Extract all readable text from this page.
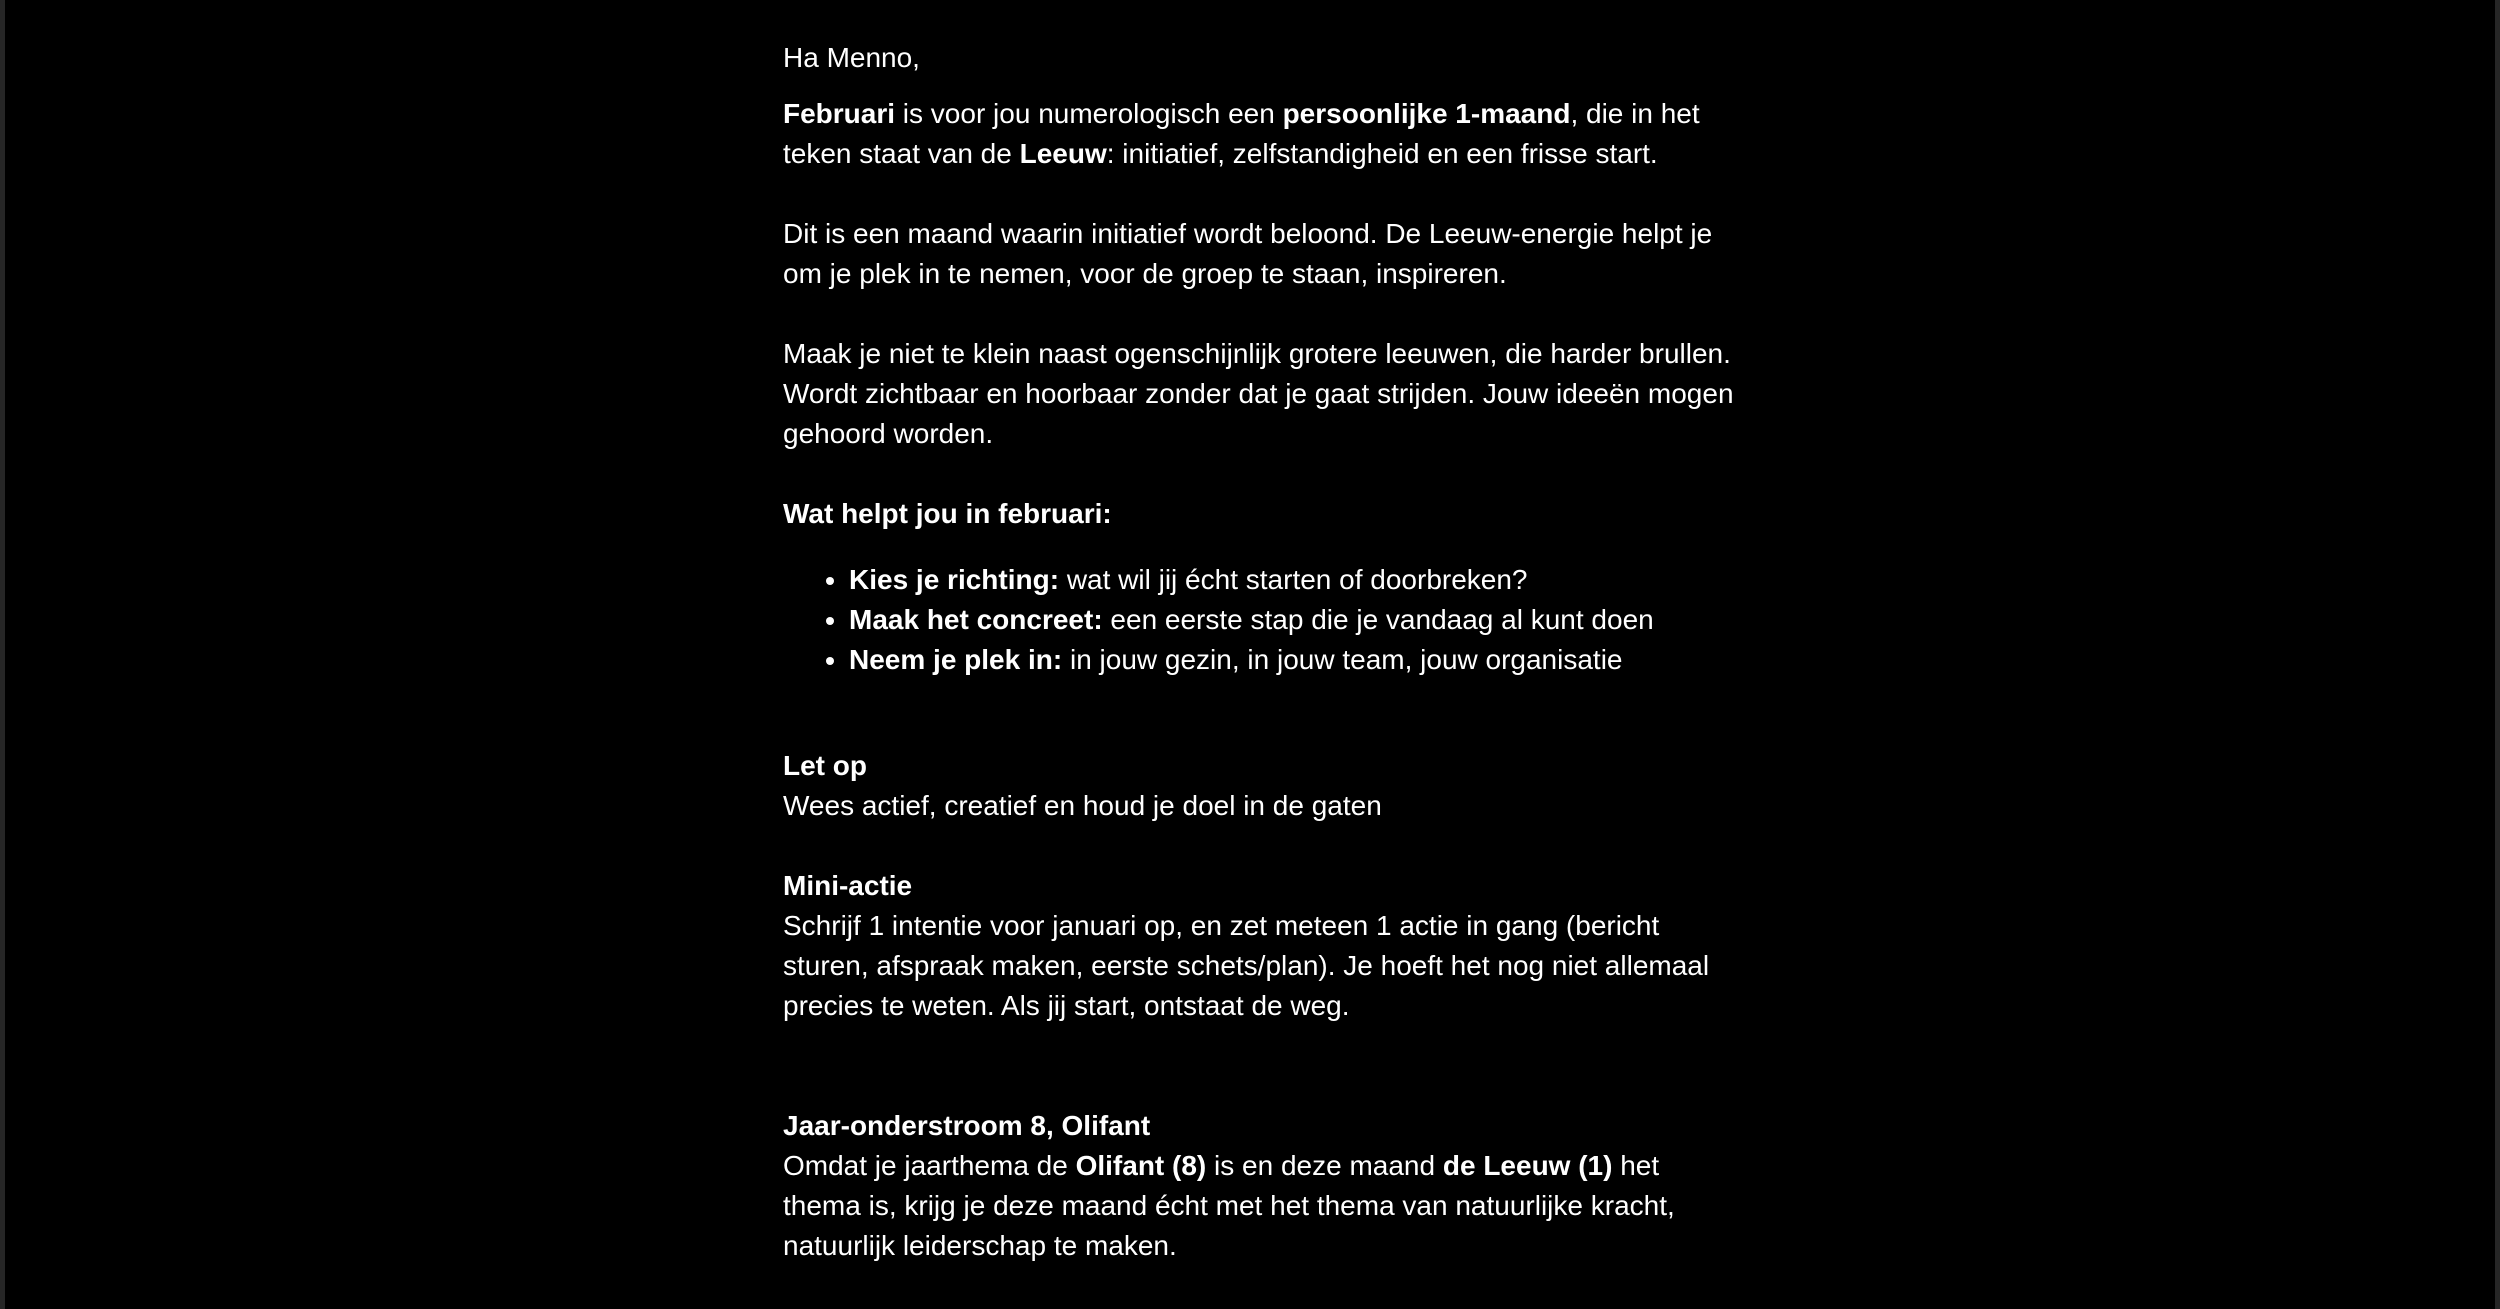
Ha Menno,

Februari is voor jou numerologisch een persoonlijke 1-maand, die in het teken staat van de Leeuw: initiatief, zelfstandigheid en een frisse start.

Dit is een maand waarin initiatief wordt beloond. De Leeuw-energie helpt je om je plek in te nemen, voor de groep te staan, inspireren.

Maak je niet te klein naast ogenschijnlijk grotere leeuwen, die harder brullen. Wordt zichtbaar en hoorbaar zonder dat je gaat strijden. Jouw ideeën mogen gehoord worden.

Wat helpt jou in februari:

• Kies je richting: wat wil jij écht starten of doorbreken?
• Maak het concreet: een eerste stap die je vandaag al kunt doen
• Neem je plek in: in jouw gezin, in jouw team, jouw organisatie

Let op

Wees actief, creatief en houd je doel in de gaten

Mini-actie

Schrijf 1 intentie voor januari op, en zet meteen 1 actie in gang (bericht sturen, afspraak maken, eerste schets/plan). Je hoeft het nog niet allemaal precies te weten. Als jij start, ontstaat de weg.

Jaar-onderstroom 8, Olifant

Omdat je jaarthema de Olifant (8) is en deze maand de Leeuw (1) het thema is, krijg je deze maand écht met het thema van natuurlijke kracht, natuurlijk leiderschap te maken.
